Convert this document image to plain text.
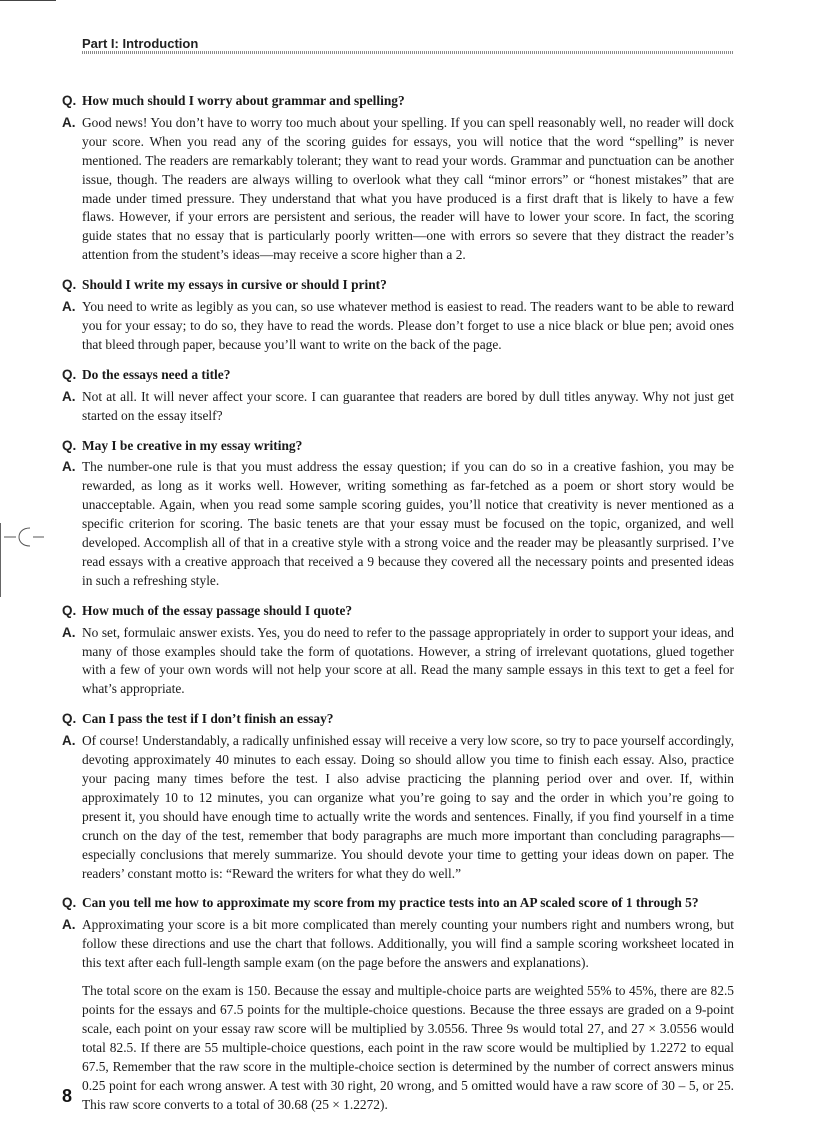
Part I: Introduction
Q. How much should I worry about grammar and spelling?
A. Good news! You don’t have to worry too much about your spelling. If you can spell reasonably well, no reader will dock your score. When you read any of the scoring guides for essays, you will notice that the word “spelling” is never mentioned. The readers are remarkably tolerant; they want to read your words. Grammar and punctuation can be another issue, though. The readers are always willing to overlook what they call “minor errors” or “honest mistakes” that are made under timed pressure. They understand that what you have produced is a first draft that is likely to have a few flaws. However, if your errors are persistent and serious, the reader will have to lower your score. In fact, the scoring guide states that no essay that is particularly poorly written—one with errors so severe that they distract the reader’s attention from the student’s ideas—may receive a score higher than a 2.

Q. Should I write my essays in cursive or should I print?
A. You need to write as legibly as you can, so use whatever method is easiest to read. The readers want to be able to reward you for your essay; to do so, they have to read the words. Please don’t forget to use a nice black or blue pen; avoid ones that bleed through paper, because you’ll want to write on the back of the page.

Q. Do the essays need a title?
A. Not at all. It will never affect your score. I can guarantee that readers are bored by dull titles anyway. Why not just get started on the essay itself?

Q. May I be creative in my essay writing?
A. The number-one rule is that you must address the essay question; if you can do so in a creative fashion, you may be rewarded, as long as it works well. However, writing something as far-fetched as a poem or short story would be unacceptable. Again, when you read some sample scoring guides, you’ll notice that creativity is never mentioned as a specific criterion for scoring. The basic tenets are that your essay must be focused on the topic, organized, and well developed. Accomplish all of that in a creative style with a strong voice and the reader may be pleasantly surprised. I’ve read essays with a creative approach that received a 9 because they covered all the necessary points and presented ideas in such a refreshing style.

Q. How much of the essay passage should I quote?
A. No set, formulaic answer exists. Yes, you do need to refer to the passage appropriately in order to support your ideas, and many of those examples should take the form of quotations. However, a string of irrelevant quotations, glued together with a few of your own words will not help your score at all. Read the many sample essays in this text to get a feel for what’s appropriate.

Q. Can I pass the test if I don’t finish an essay?
A. Of course! Understandably, a radically unfinished essay will receive a very low score, so try to pace yourself accordingly, devoting approximately 40 minutes to each essay. Doing so should allow you time to finish each essay. Also, practice your pacing many times before the test. I also advise practicing the planning period over and over. If, within approximately 10 to 12 minutes, you can organize what you’re going to say and the order in which you’re going to present it, you should have enough time to actually write the words and sentences. Finally, if you find yourself in a time crunch on the day of the test, remember that body paragraphs are much more important than concluding paragraphs—especially conclusions that merely summarize. You should devote your time to getting your ideas down on paper. The readers’ constant motto is: “Reward the writers for what they do well.”

Q. Can you tell me how to approximate my score from my practice tests into an AP scaled score of 1 through 5?
A. Approximating your score is a bit more complicated than merely counting your numbers right and numbers wrong, but follow these directions and use the chart that follows. Additionally, you will find a sample scoring worksheet located in this text after each full-length sample exam (on the page before the answers and explanations).

The total score on the exam is 150. Because the essay and multiple-choice parts are weighted 55% to 45%, there are 82.5 points for the essays and 67.5 points for the multiple-choice questions. Because the three essays are graded on a 9-point scale, each point on your essay raw score will be multiplied by 3.0556. Three 9s would total 27, and 27 × 3.0556 would total 82.5. If there are 55 multiple-choice questions, each point in the raw score would be multiplied by 1.2272 to equal 67.5, Remember that the raw score in the multiple-choice section is determined by the number of correct answers minus 0.25 point for each wrong answer. A test with 30 right, 20 wrong, and 5 omitted would have a raw score of 30 – 5, or 25. This raw score converts to a total of 30.68 (25 × 1.2272).

8
